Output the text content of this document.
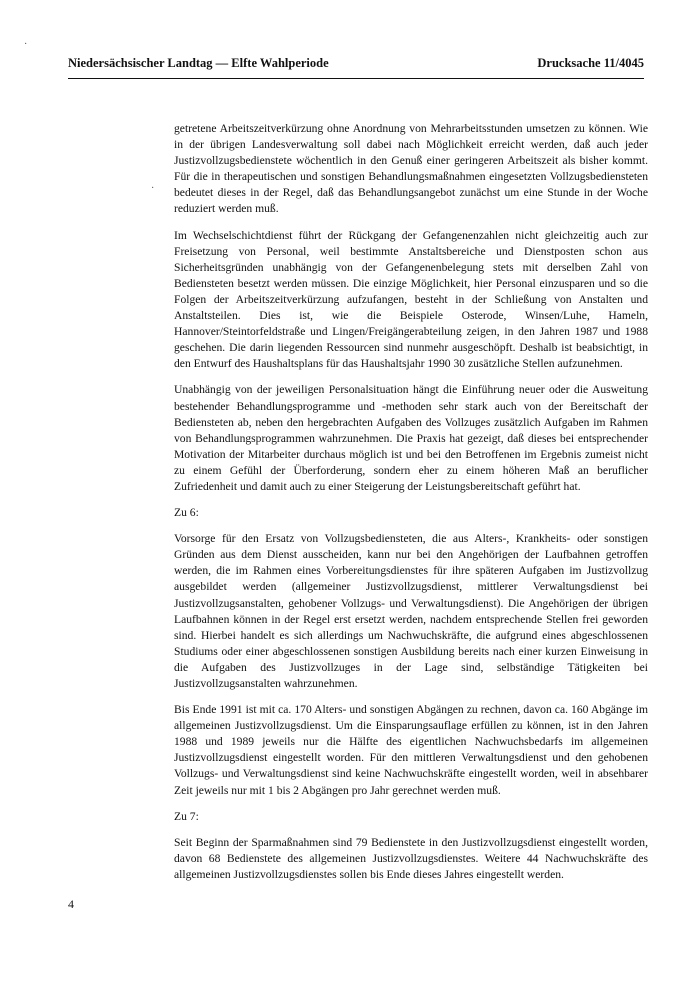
Niedersächsischer Landtag — Elfte Wahlperiode	Drucksache 11/4045
·
·

getretene Arbeitszeitverkürzung ohne Anordnung von Mehrarbeitsstunden umsetzen zu können. Wie in der übrigen Landesverwaltung soll dabei nach Möglichkeit erreicht werden, daß auch jeder Justizvollzugsbedienstete wöchentlich in den Genuß einer geringeren Arbeitszeit als bisher kommt. Für die in therapeutischen und sonstigen Behandlungsmaßnahmen eingesetzten Vollzugsbediensteten bedeutet dieses in der Regel, daß das Behandlungsangebot zunächst um eine Stunde in der Woche reduziert werden muß.

Im Wechselschichtdienst führt der Rückgang der Gefangenenzahlen nicht gleichzeitig auch zur Freisetzung von Personal, weil bestimmte Anstaltsbereiche und Dienstposten schon aus Sicherheitsgründen unabhängig von der Gefangenenbelegung stets mit derselben Zahl von Bediensteten besetzt werden müssen. Die einzige Möglichkeit, hier Personal einzusparen und so die Folgen der Arbeitszeitverkürzung aufzufangen, besteht in der Schließung von Anstalten und Anstaltsteilen. Dies ist, wie die Beispiele Osterode, Winsen/Luhe, Hameln, Hannover/Steintorfeldstraße und Lingen/Freigängerabteilung zeigen, in den Jahren 1987 und 1988 geschehen. Die darin liegenden Ressourcen sind nunmehr ausgeschöpft. Deshalb ist beabsichtigt, in den Entwurf des Haushaltsplans für das Haushaltsjahr 1990 30 zusätzliche Stellen aufzunehmen.

Unabhängig von der jeweiligen Personalsituation hängt die Einführung neuer oder die Ausweitung bestehender Behandlungsprogramme und -methoden sehr stark auch von der Bereitschaft der Bediensteten ab, neben den hergebrachten Aufgaben des Vollzuges zusätzlich Aufgaben im Rahmen von Behandlungsprogrammen wahrzunehmen. Die Praxis hat gezeigt, daß dieses bei entsprechender Motivation der Mitarbeiter durchaus möglich ist und bei den Betroffenen im Ergebnis zumeist nicht zu einem Gefühl der Überforderung, sondern eher zu einem höheren Maß an beruflicher Zufriedenheit und damit auch zu einer Steigerung der Leistungsbereitschaft geführt hat.

Zu 6:

Vorsorge für den Ersatz von Vollzugsbediensteten, die aus Alters-, Krankheits- oder sonstigen Gründen aus dem Dienst ausscheiden, kann nur bei den Angehörigen der Laufbahnen getroffen werden, die im Rahmen eines Vorbereitungsdienstes für ihre späteren Aufgaben im Justizvollzug ausgebildet werden (allgemeiner Justizvollzugsdienst, mittlerer Verwaltungsdienst bei Justizvollzugsanstalten, gehobener Vollzugs- und Verwaltungsdienst). Die Angehörigen der übrigen Laufbahnen können in der Regel erst ersetzt werden, nachdem entsprechende Stellen frei geworden sind. Hierbei handelt es sich allerdings um Nachwuchskräfte, die aufgrund eines abgeschlossenen Studiums oder einer abgeschlossenen sonstigen Ausbildung bereits nach einer kurzen Einweisung in die Aufgaben des Justizvollzuges in der Lage sind, selbständige Tätigkeiten bei Justizvollzugsanstalten wahrzunehmen.

Bis Ende 1991 ist mit ca. 170 Alters- und sonstigen Abgängen zu rechnen, davon ca. 160 Abgänge im allgemeinen Justizvollzugsdienst. Um die Einsparungsauflage erfüllen zu können, ist in den Jahren 1988 und 1989 jeweils nur die Hälfte des eigentlichen Nachwuchsbedarfs im allgemeinen Justizvollzugsdienst eingestellt worden. Für den mittleren Verwaltungsdienst und den gehobenen Vollzugs- und Verwaltungsdienst sind keine Nachwuchskräfte eingestellt worden, weil in absehbarer Zeit jeweils nur mit 1 bis 2 Abgängen pro Jahr gerechnet werden muß.

Zu 7:

Seit Beginn der Sparmaßnahmen sind 79 Bedienstete in den Justizvollzugsdienst eingestellt worden, davon 68 Bedienstete des allgemeinen Justizvollzugsdienstes. Weitere 44 Nachwuchskräfte des allgemeinen Justizvollzugsdienstes sollen bis Ende dieses Jahres eingestellt werden.

4
